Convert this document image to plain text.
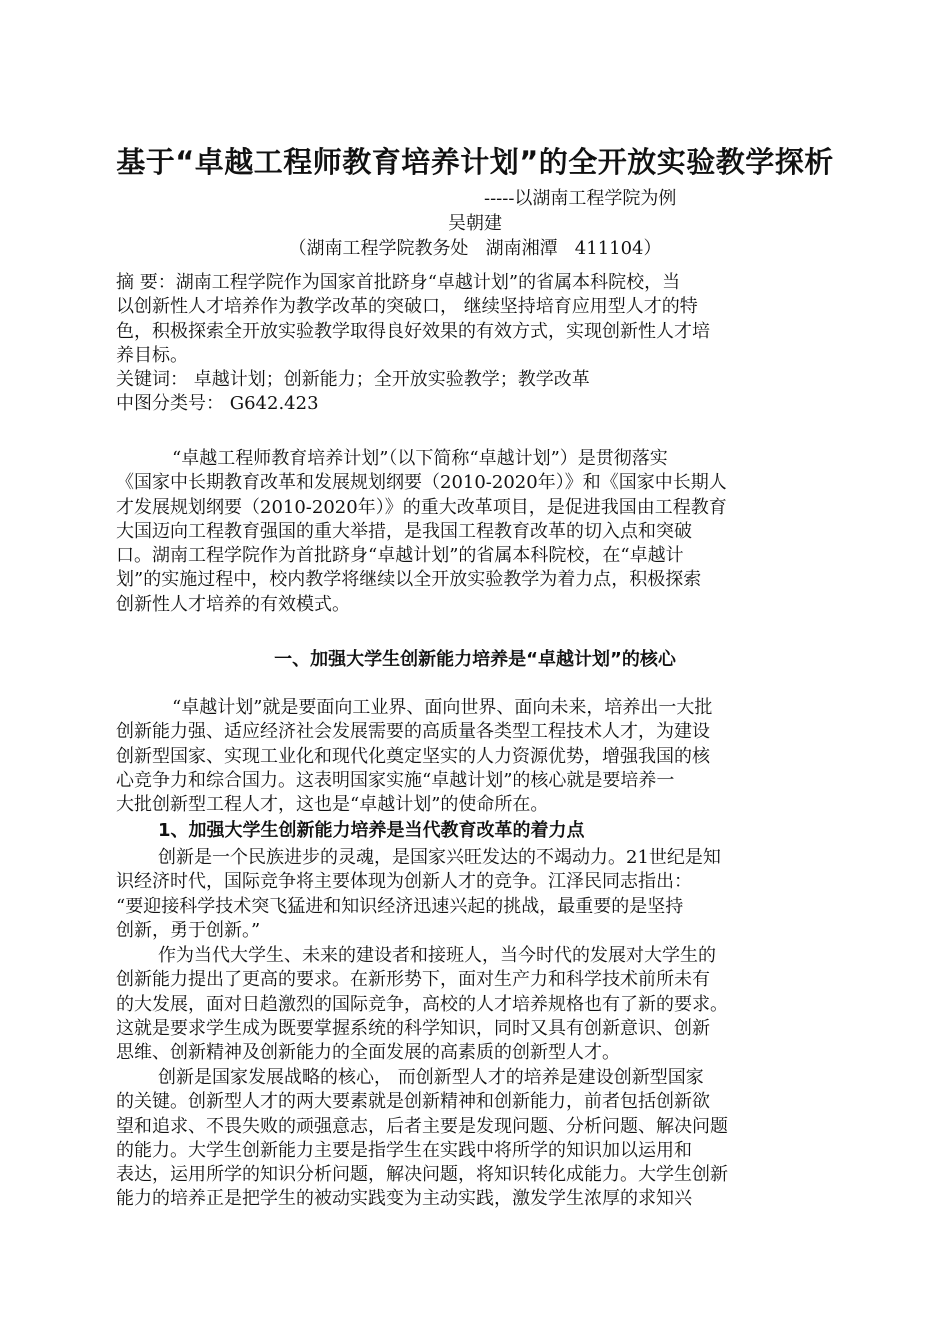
基于“卓越工程师教育培养计划”的全开放实验教学探析
-----以湖南工程学院为例
吴朝建
（湖南工程学院教务处   湖南湘潭   411104）
摘 要：湖南工程学院作为国家首批跻身“卓越计划”的省属本科院校，当
以创新性人才培养作为教学改革的突破口， 继续坚持培育应用型人才的特
色，积极探索全开放实验教学取得良好效果的有效方式，实现创新性人才培
养目标。
关键词： 卓越计划；创新能力；全开放实验教学；教学改革
中图分类号： G642.423
“卓越工程师教育培养计划”（以下简称“卓越计划”）是贯彻落实
《国家中长期教育改革和发展规划纲要（2010-2020年）》和《国家中长期人
才发展规划纲要（2010-2020年）》的重大改革项目，是促进我国由工程教育
大国迈向工程教育强国的重大举措，是我国工程教育改革的切入点和突破
口。湖南工程学院作为首批跻身“卓越计划”的省属本科院校，在“卓越计
划”的实施过程中，校内教学将继续以全开放实验教学为着力点，积极探索
创新性人才培养的有效模式。
一、加强大学生创新能力培养是“卓越计划”的核心
“卓越计划”就是要面向工业界、面向世界、面向未来，培养出一大批
创新能力强、适应经济社会发展需要的高质量各类型工程技术人才，为建设
创新型国家、实现工业化和现代化奠定坚实的人力资源优势，增强我国的核
心竞争力和综合国力。这表明国家实施“卓越计划”的核心就是要培养一
大批创新型工程人才，这也是“卓越计划”的使命所在。
1、加强大学生创新能力培养是当代教育改革的着力点
创新是一个民族进步的灵魂，是国家兴旺发达的不竭动力。21世纪是知
识经济时代，国际竞争将主要体现为创新人才的竞争。江泽民同志指出：
“要迎接科学技术突飞猛进和知识经济迅速兴起的挑战，最重要的是坚持
创新，勇于创新。”
作为当代大学生、未来的建设者和接班人，当今时代的发展对大学生的
创新能力提出了更高的要求。在新形势下，面对生产力和科学技术前所未有
的大发展，面对日趋激烈的国际竞争，高校的人才培养规格也有了新的要求。
这就是要求学生成为既要掌握系统的科学知识，同时又具有创新意识、创新
思维、创新精神及创新能力的全面发展的高素质的创新型人才。
创新是国家发展战略的核心， 而创新型人才的培养是建设创新型国家
的关键。创新型人才的两大要素就是创新精神和创新能力，前者包括创新欲
望和追求、不畏失败的顽强意志，后者主要是发现问题、分析问题、解决问题
的能力。大学生创新能力主要是指学生在实践中将所学的知识加以运用和
表达，运用所学的知识分析问题，解决问题，将知识转化成能力。大学生创新
能力的培养正是把学生的被动实践变为主动实践，激发学生浓厚的求知兴
